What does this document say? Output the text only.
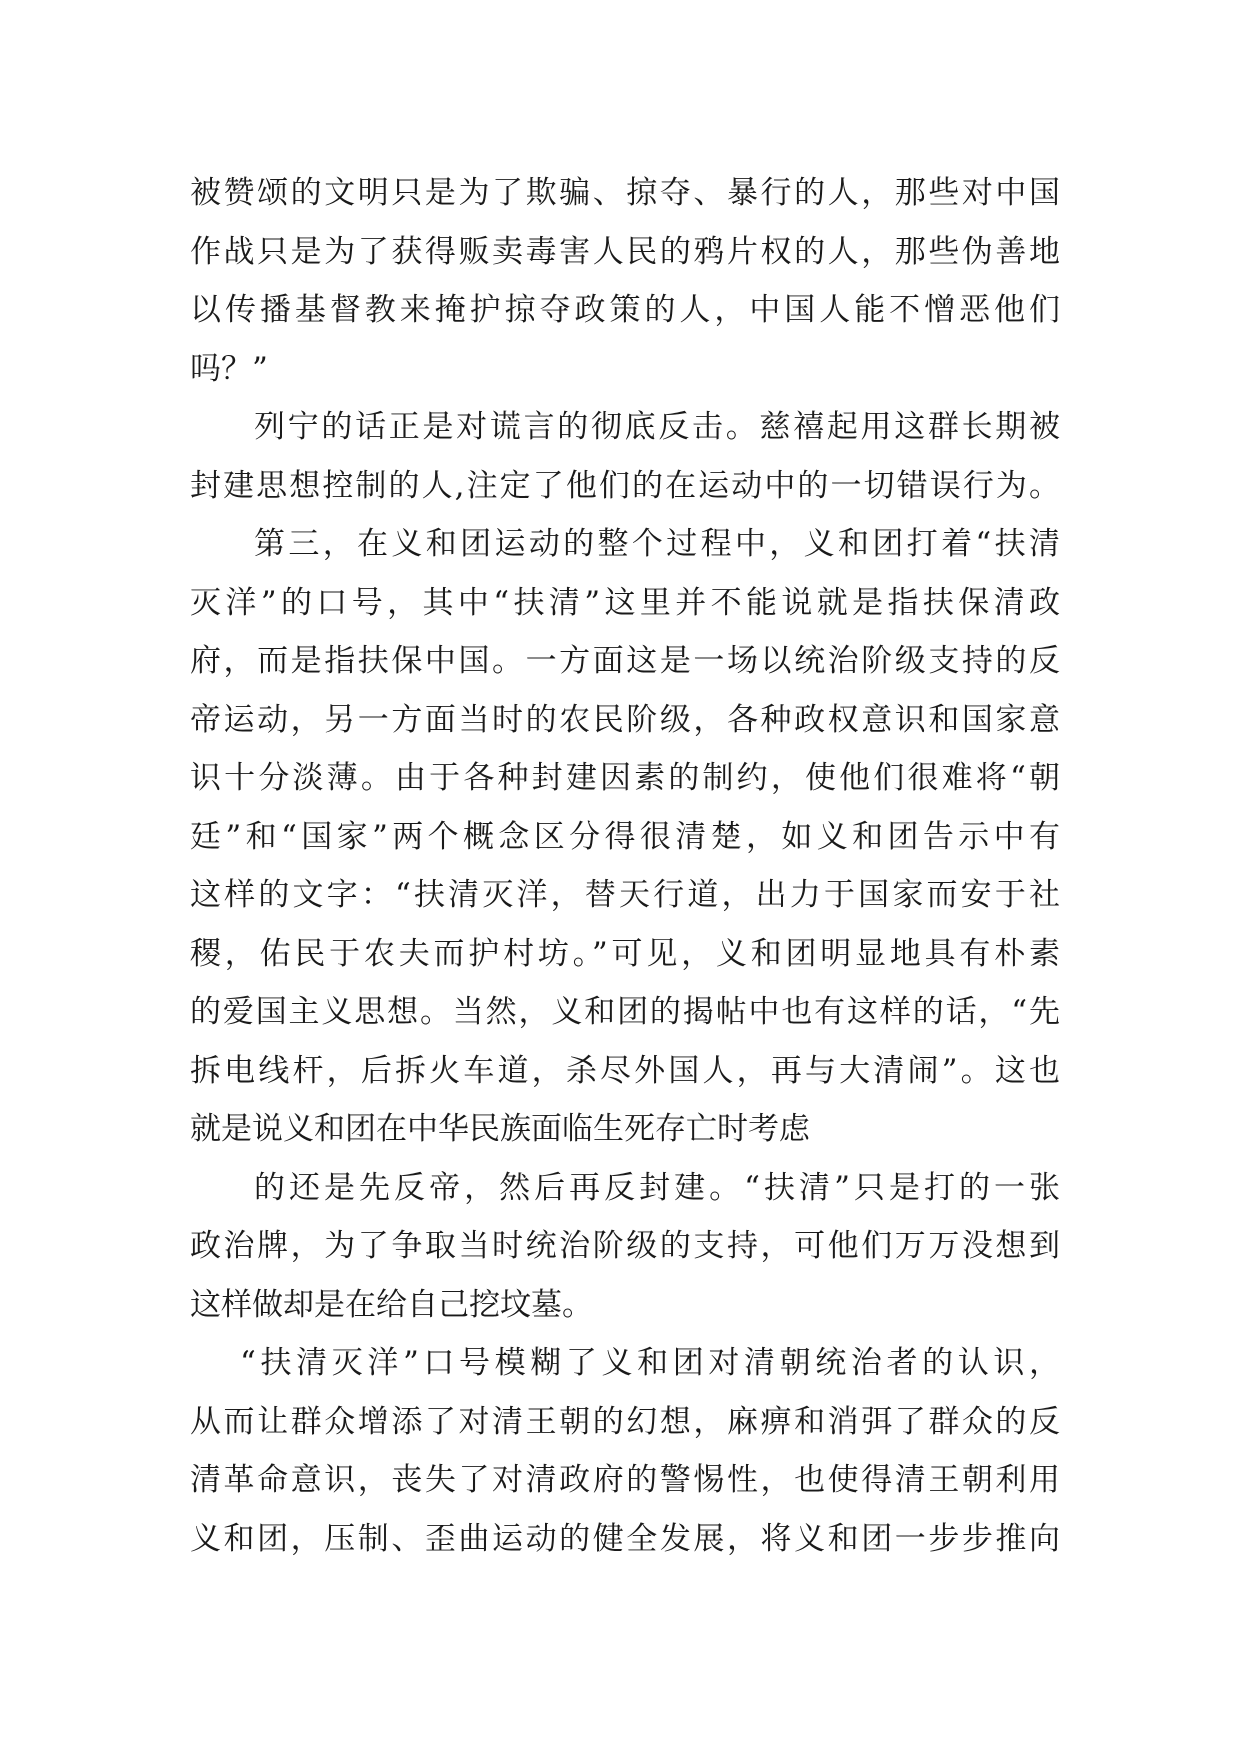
被赞颂的文明只是为了欺骗、掠夺、暴行的人，那些对中国
作战只是为了获得贩卖毒害人民的鸦片权的人，那些伪善地
以传播基督教来掩护掠夺政策的人，中国人能不憎恶他们
吗？”
列宁的话正是对谎言的彻底反击。慈禧起用这群长期被
封建思想控制的人,注定了他们的在运动中的一切错误行为。
第三，在义和团运动的整个过程中，义和团打着“扶清
灭洋”的口号，其中“扶清”这里并不能说就是指扶保清政
府，而是指扶保中国。一方面这是一场以统治阶级支持的反
帝运动，另一方面当时的农民阶级，各种政权意识和国家意
识十分淡薄。由于各种封建因素的制约，使他们很难将“朝
廷”和“国家”两个概念区分得很清楚，如义和团告示中有
这样的文字：“扶清灭洋，替天行道，出力于国家而安于社
稷，佑民于农夫而护村坊。”可见，义和团明显地具有朴素
的爱国主义思想。当然，义和团的揭帖中也有这样的话，“先
拆电线杆，后拆火车道，杀尽外国人，再与大清闹”。这也
就是说义和团在中华民族面临生死存亡时考虑
的还是先反帝，然后再反封建。“扶清”只是打的一张
政治牌，为了争取当时统治阶级的支持，可他们万万没想到
这样做却是在给自己挖坟墓。
“扶清灭洋”口号模糊了义和团对清朝统治者的认识，
从而让群众增添了对清王朝的幻想，麻痹和消弭了群众的反
清革命意识，丧失了对清政府的警惕性，也使得清王朝利用
义和团，压制、歪曲运动的健全发展，将义和团一步步推向
